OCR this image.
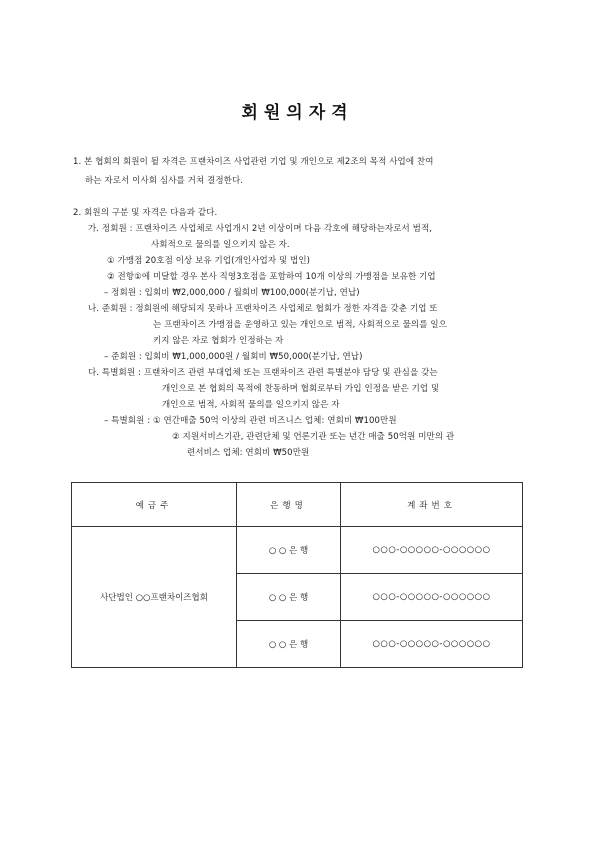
회원의자격
1. 본 협회의 회원이 될 자격은 프랜차이즈 사업관련 기업 및 개인으로 제2조의 목적 사업에 찬여
하는 자로서 이사회 심사를 거쳐 결정한다.
2. 회원의 구분 및 자격은 다음과 같다.
가. 정회원 : 프랜차이즈 사업체로 사업개시 2년 이상이며 다음 각호에 해당하는자로서 범적,
사회적으로 물의를 일으키지 않은 자.
① 가맹점 20호점 이상 보유 기업(개인사업자 및 법인)
② 전항①에 미달할 경우 본사 직영3호점을 포함하여 10개 이상의 가맹점을 보유한 기업
– 정회원 : 입회비 ₩2,000,000 / 월회비 ₩100,000(분기납, 연납)
나. 준회원 : 정회원에 해당되지 못하나 프랜차이즈 사업체로 협회가 정한 자격을 갖춘 기업 또
는 프랜차이즈 가맹점을 운영하고 있는 개인으로 범적, 사회적으로 물의를 일으
키지 않은 자로 협회가 인정하는 자
– 준회원 : 입회비 ₩1,000,000원 / 월회비 ₩50,000(분기납, 연납)
다. 특별회원 : 프랜차이즈 관련 부대업체 또는 프랜차이즈 관련 특별분야 담당 및 관심을 갖는
개인으로 본 협회의 목적에 찬동하며 협회로부터 가입 인정을 받은 기업 및
개인으로 범적, 사회적 물의를 일으키지 않은 자
– 특별회원 : ① 연간매출 50억 이상의 관련 비즈니스 업체: 연회비 ₩100만원
② 지원서비스기관, 관련단체 및 언론기관 또는 년간 매출 50억원 미만의 관
련서비스 업체: 연회비 ₩50만원
예금주	은행명	계좌번호
사단법인 ○○프랜차이즈협회	○ ○ 은 행	○○○-○○○○○-○○○○○○
	○ ○ 은 행	○○○-○○○○○-○○○○○○
	○ ○ 은 행	○○○-○○○○○-○○○○○○
